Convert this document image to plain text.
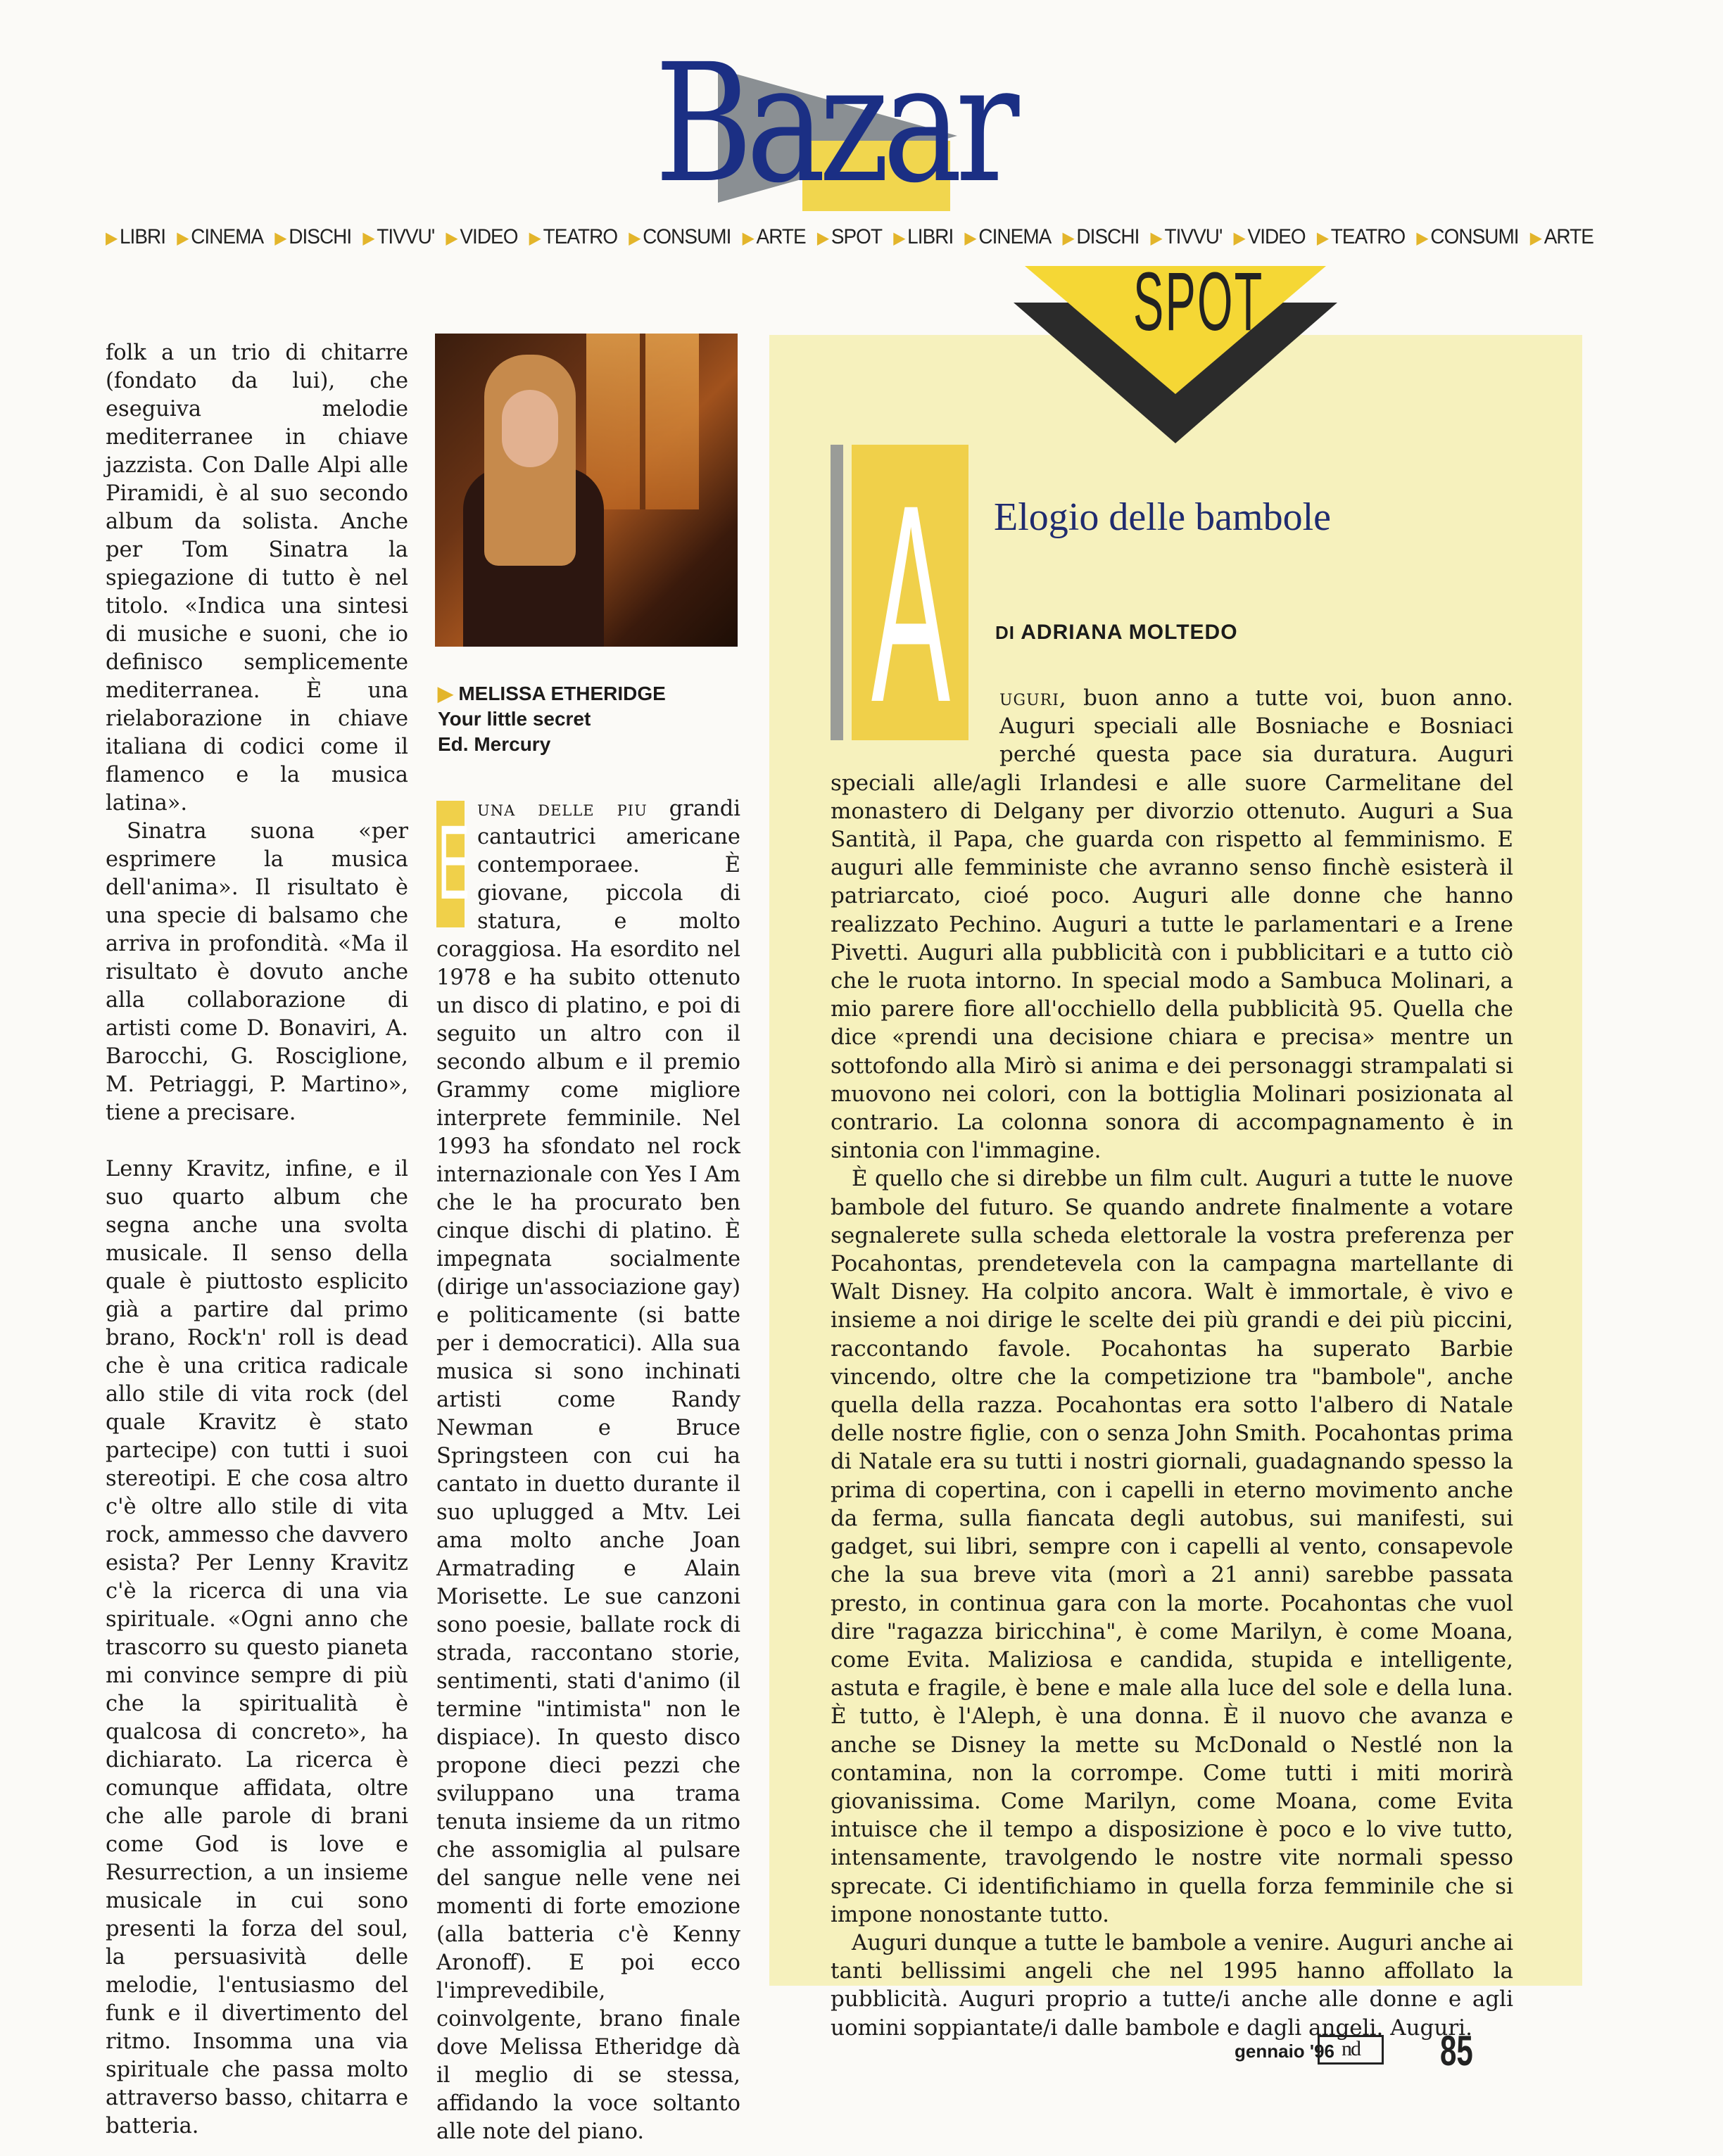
Bazar
▶ LIBRI ▶ CINEMA ▶ DISCHI ▶ TIVVU' ▶ VIDEO ▶ TEATRO ▶ CONSUMI ▶ ARTE ▶ SPOT ▶ LIBRI ▶ CINEMA ▶ DISCHI ▶ TIVVU' ▶ VIDEO ▶ TEATRO ▶ CONSUMI ▶ ARTE
SPOT

folk a un trio di chitarre (fondato da lui), che eseguiva melodie mediterranee in chiave jazzista. Con Dalle Alpi alle Piramidi, è al suo secondo album da solista. Anche per Tom Sinatra la spiegazione di tutto è nel titolo. «Indica una sintesi di musiche e suoni, che io definisco semplicemente mediterranea. È una rielaborazione in chiave italiana di codici come il flamenco e la musica latina».

Sinatra suona «per esprimere la musica dell'anima». Il risultato è una specie di balsamo che arriva in profondità. «Ma il risultato è dovuto anche alla collaborazione di artisti come D. Bonaviri, A. Barocchi, G. Rosciglione, M. Petriaggi, P. Martino», tiene a precisare.

Lenny Kravitz, infine, e il suo quarto album che segna anche una svolta musicale. Il senso della quale è piuttosto esplicito già a partire dal primo brano, Rock'n' roll is dead che è una critica radicale allo stile di vita rock (del quale Kravitz è stato partecipe) con tutti i suoi stereotipi. E che cosa altro c'è oltre allo stile di vita rock, ammesso che davvero esista? Per Lenny Kravitz c'è la ricerca di una via spirituale. «Ogni anno che trascorro su questo pianeta mi convince sempre di più che la spiritualità è qualcosa di concreto», ha dichiarato. La ricerca è comunque affidata, oltre che alle parole di brani come God is love e Resurrection, a un insieme musicale in cui sono presenti la forza del soul, la persuasività delle melodie, l'entusiasmo del funk e il divertimento del ritmo. Insomma una via spirituale che passa molto attraverso basso, chitarra e batteria.

▶ MELISSA ETHERIDGE
Your little secret
Ed. Mercury
E una delle piu grandi cantautrici americane contemporaee. È giovane, piccola di statura, e molto coraggiosa. Ha esordito nel 1978 e ha subito ottenuto un disco di platino, e poi di seguito un altro con il secondo album e il premio Grammy come migliore interprete femminile. Nel 1993 ha sfondato nel rock internazionale con Yes I Am che le ha procurato ben cinque dischi di platino. È impegnata socialmente (dirige un'associazione gay) e politicamente (si batte per i democratici). Alla sua musica si sono inchinati artisti come Randy Newman e Bruce Springsteen con cui ha cantato in duetto durante il suo uplugged a Mtv. Lei ama molto anche Joan Armatrading e Alain Morisette. Le sue canzoni sono poesie, ballate rock di strada, raccontano storie, sentimenti, stati d'animo (il termine "intimista" non le dispiace). In questo disco propone dieci pezzi che sviluppano una trama tenuta insieme da un ritmo che assomiglia al pulsare del sangue nelle vene nei momenti di forte emozione (alla batteria c'è Kenny Aronoff). E poi ecco l'imprevedibile, coinvolgente, brano finale dove Melissa Etheridge dà il meglio di se stessa, affidando la voce soltanto alle note del piano.

A Elogio delle bambole
DI ADRIANA MOLTEDO

uguri, buon anno a tutte voi, buon anno. Auguri speciali alle Bosniache e Bosniaci perché questa pace sia duratura. Auguri speciali alle/agli Irlandesi e alle suore Carmelitane del monastero di Delgany per divorzio ottenuto. Auguri a Sua Santità, il Papa, che guarda con rispetto al femminismo. E auguri alle femministe che avranno senso finchè esisterà il patriarcato, cioé poco. Auguri alle donne che hanno realizzato Pechino. Auguri a tutte le parlamentari e a Irene Pivetti. Auguri alla pubblicità con i pubblicitari e a tutto ciò che le ruota intorno. In special modo a Sambuca Molinari, a mio parere fiore all'occhiello della pubblicità 95. Quella che dice «prendi una decisione chiara e precisa» mentre un sottofondo alla Mirò si anima e dei personaggi strampalati si muovono nei colori, con la bottiglia Molinari posizionata al contrario. La colonna sonora di accompagnamento è in sintonia con l'immagine.

È quello che si direbbe un film cult. Auguri a tutte le nuove bambole del futuro. Se quando andrete finalmente a votare segnalerete sulla scheda elettorale la vostra preferenza per Pocahontas, prendetevela con la campagna martellante di Walt Disney. Ha colpito ancora. Walt è immortale, è vivo e insieme a noi dirige le scelte dei più grandi e dei più piccini, raccontando favole. Pocahontas ha superato Barbie vincendo, oltre che la competizione tra "bambole", anche quella della razza. Pocahontas era sotto l'albero di Natale delle nostre figlie, con o senza John Smith. Pocahontas prima di Natale era su tutti i nostri giornali, guadagnando spesso la prima di copertina, con i capelli in eterno movimento anche da ferma, sulla fiancata degli autobus, sui manifesti, sui gadget, sui libri, sempre con i capelli al vento, consapevole che la sua breve vita (morì a 21 anni) sarebbe passata presto, in continua gara con la morte. Pocahontas che vuol dire "ragazza biricchina", è come Marilyn, è come Moana, come Evita. Maliziosa e candida, stupida e intelligente, astuta e fragile, è bene e male alla luce del sole e della luna. È tutto, è l'Aleph, è una donna. È il nuovo che avanza e anche se Disney la mette su McDonald o Nestlé non la contamina, non la corrompe. Come tutti i miti morirà giovanissima. Come Marilyn, come Moana, come Evita intuisce che il tempo a disposizione è poco e lo vive tutto, intensamente, travolgendo le nostre vite normali spesso sprecate. Ci identifichiamo in quella forza femminile che si impone nonostante tutto.

Auguri dunque a tutte le bambole a venire. Auguri anche ai tanti bellissimi angeli che nel 1995 hanno affollato la pubblicità. Auguri proprio a tutte/i anche alle donne e agli uomini soppiantate/i dalle bambole e dagli angeli. Auguri.

gennaio '96 nd	85
